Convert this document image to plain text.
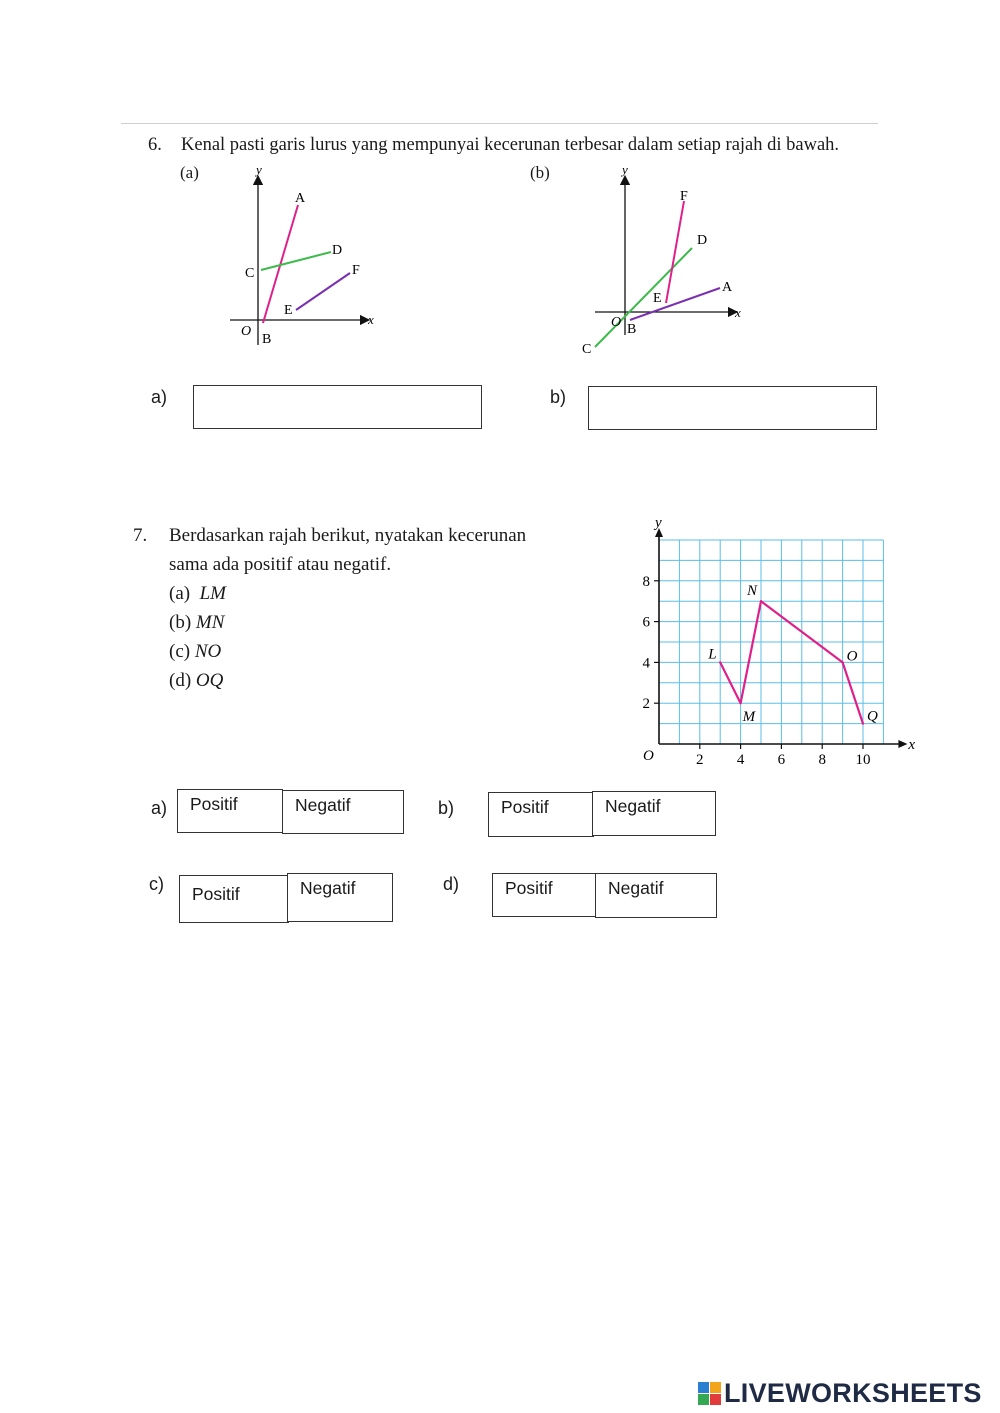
6. Kenal pasti garis lurus yang mempunyai kecerunan terbesar dalam setiap rajah di bawah.
(a)	(b)
y
x
O
A
B
C
D
E
F
y
x
O
A
B
C
D
E
F
a)	b)
7. Berdasarkan rajah berikut, nyatakan kecerunan
sama ada positif atau negatif.
(a) LM
(b) MN
(c) NO
(d) OQ
x
y
O	2 4 6 8 10
2
4
6
8
L
M
N
O
Q
a)	Positif	Negatif	b)	Positif	Negatif
c)	Positif	Negatif	d)	Positif	Negatif
LIVEWORKSHEETS
